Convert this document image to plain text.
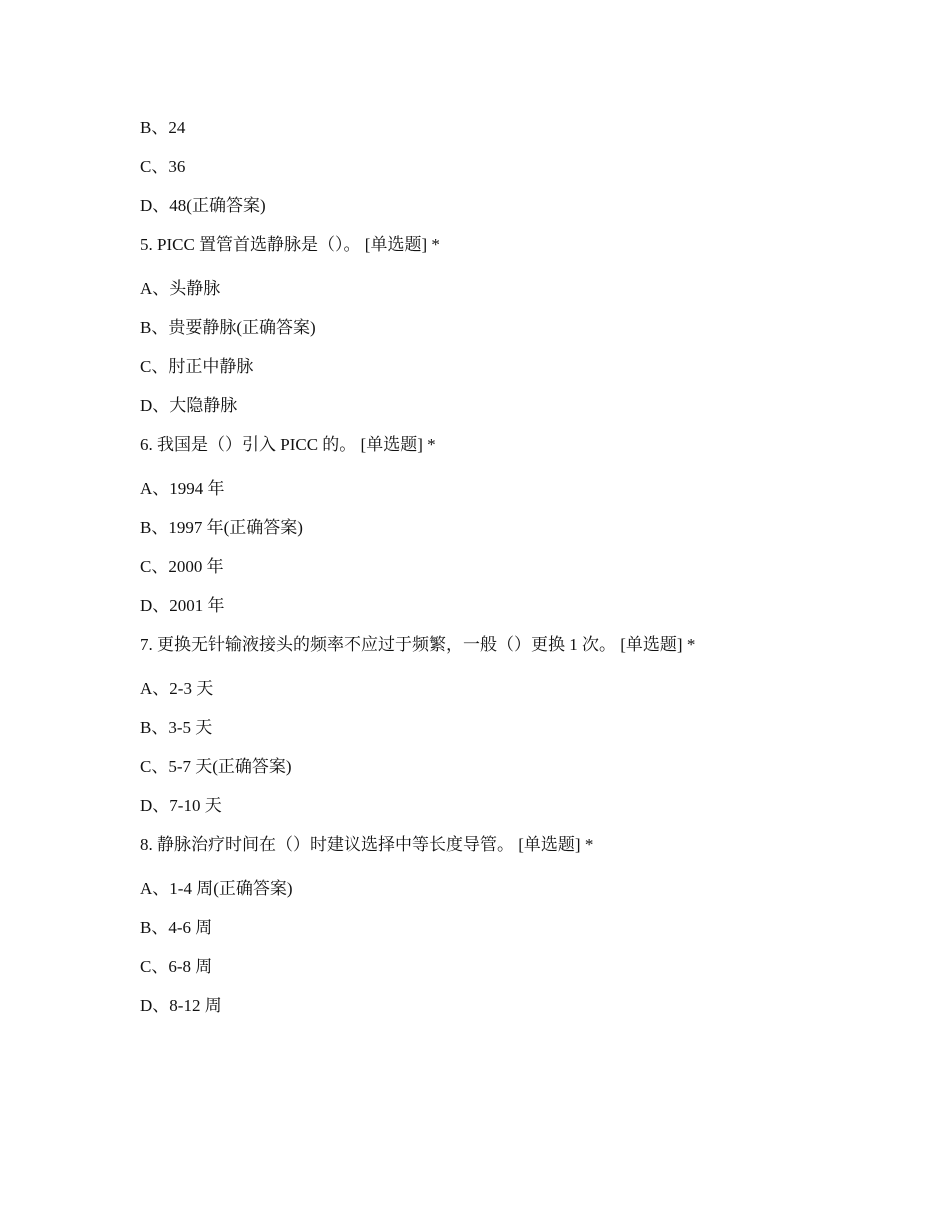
B、24
C、36
D、48(正确答案)
5. PICC 置管首选静脉是（）。 [单选题] *
A、头静脉
B、贵要静脉(正确答案)
C、肘正中静脉
D、大隐静脉
6. 我国是（）引入 PICC 的。 [单选题] *
A、1994 年
B、1997 年(正确答案)
C、2000 年
D、2001 年
7. 更换无针输液接头的频率不应过于频繁，一般（）更换 1 次。 [单选题] *
A、2-3 天
B、3-5 天
C、5-7 天(正确答案)
D、7-10 天
8. 静脉治疗时间在（）时建议选择中等长度导管。 [单选题] *
A、1-4 周(正确答案)
B、4-6 周
C、6-8 周
D、8-12 周
